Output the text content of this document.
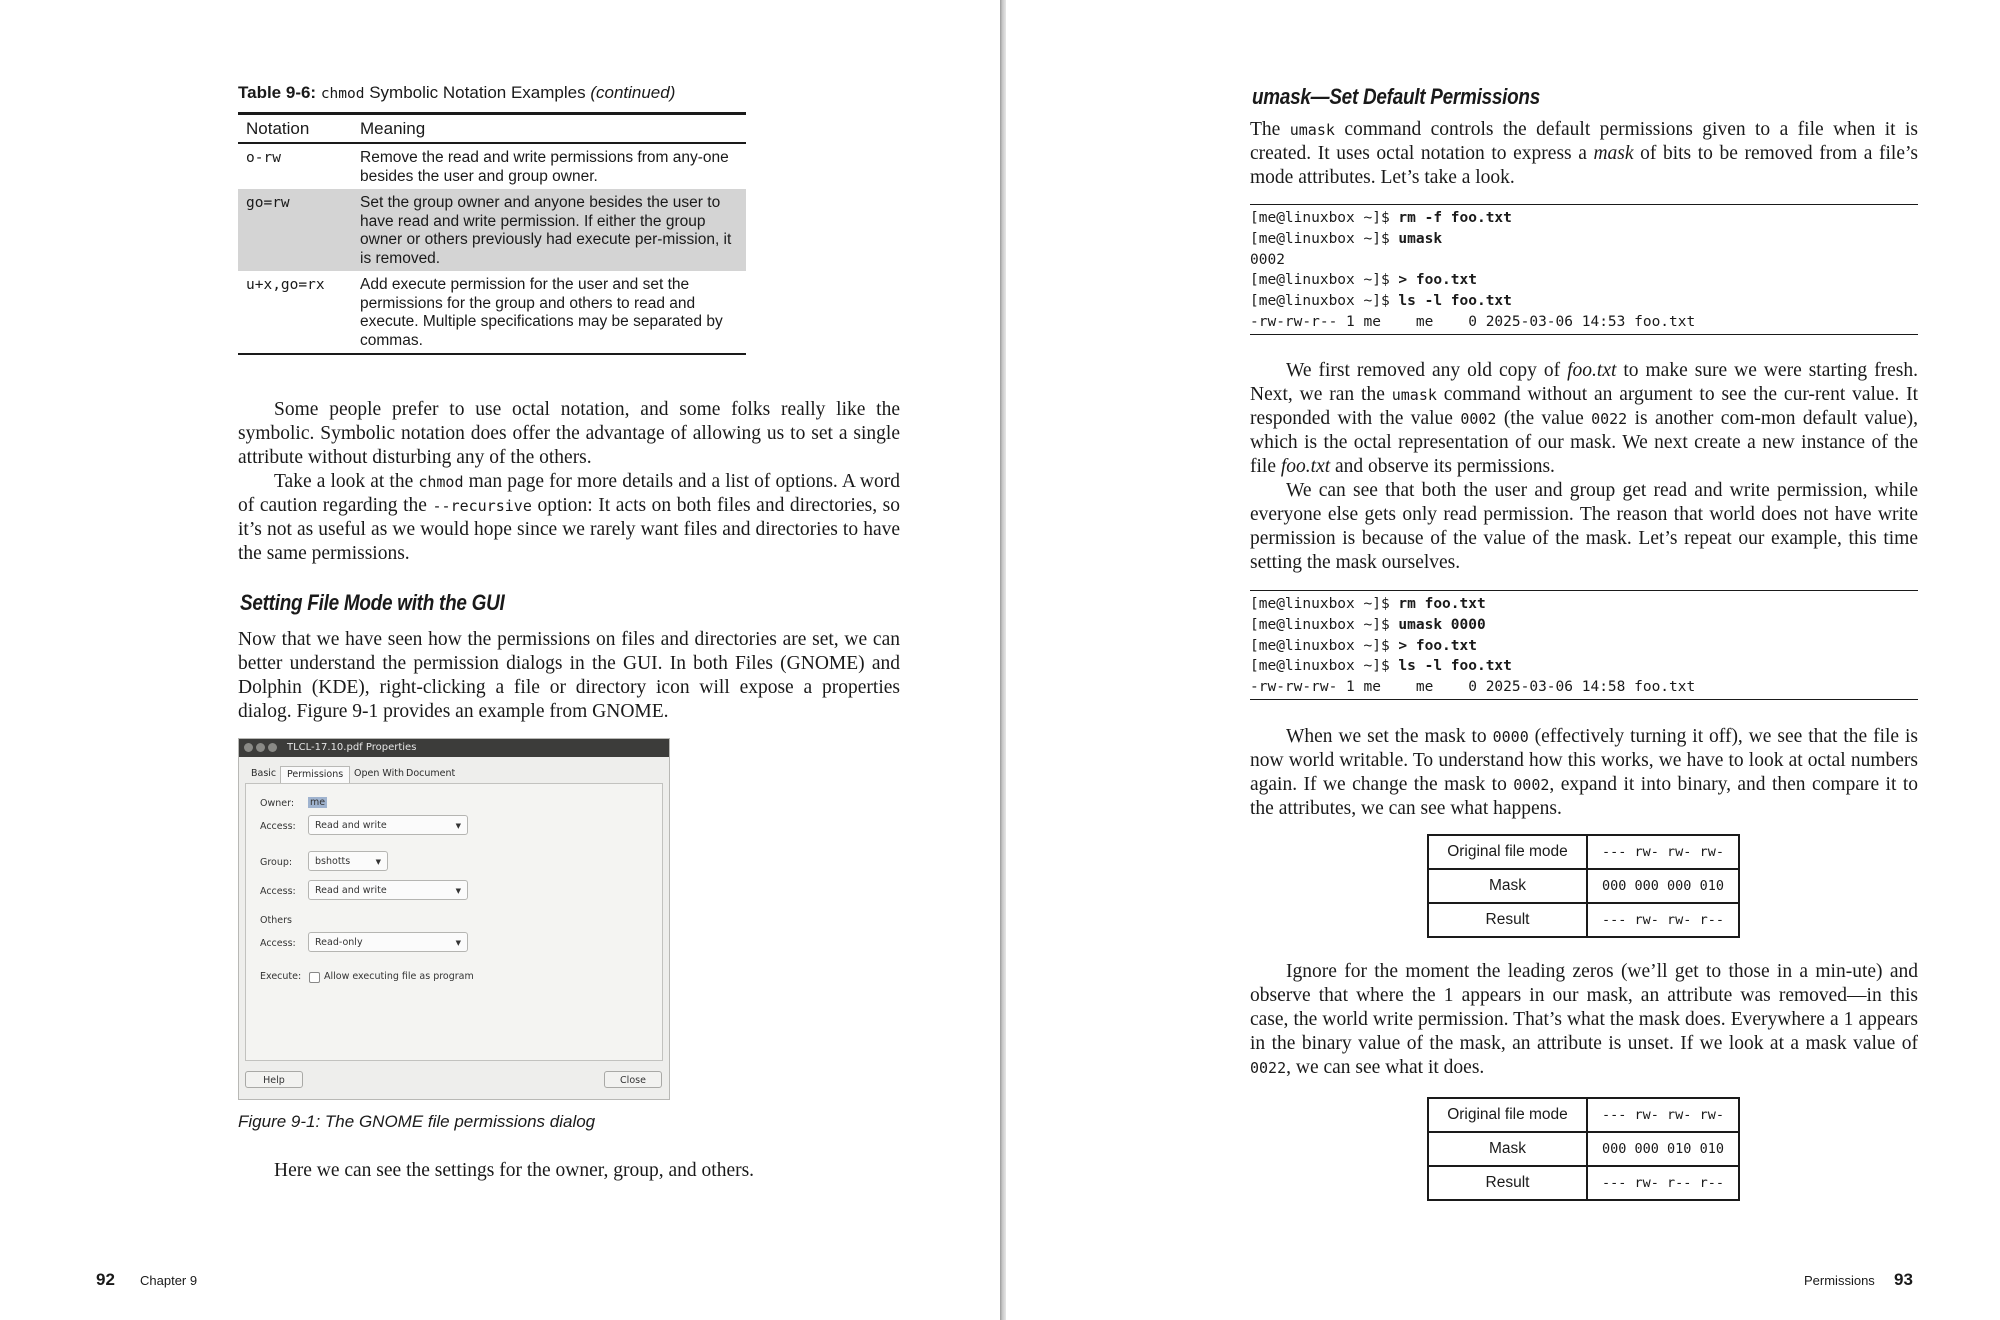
Table 9-6: chmod Symbolic Notation Examples (continued)
Notation	Meaning
o-rw	Remove the read and write permissions from any-one besides the user and group owner.
go=rw	Set the group owner and anyone besides the user to have read and write permission. If either the group owner or others previously had execute per-mission, it is removed.
u+x,go=rx	Add execute permission for the user and set the permissions for the group and others to read and execute. Multiple specifications may be separated by commas.

Some people prefer to use octal notation, and some folks really like the symbolic. Symbolic notation does offer the advantage of allowing us to set a single attribute without disturbing any of the others.

Take a look at the chmod man page for more details and a list of options. A word of caution regarding the --recursive option: It acts on both files and directories, so it’s not as useful as we would hope since we rarely want files and directories to have the same permissions.

Setting File Mode with the GUI

Now that we have seen how the permissions on files and directories are set, we can better understand the permission dialogs in the GUI. In both Files (GNOME) and Dolphin (KDE), right-clicking a file or directory icon will expose a properties dialog. Figure 9-1 provides an example from GNOME.

TLCL-17.10.pdf Properties
Basic	Permissions	Open With Document
Owner: me
Access:	Read and write	▼
Group:	bshotts	▼
Access:	Read and write	▼
Others
Access:	Read-only	▼
Execute: Allow executing file as program
Help	Close
Figure 9-1: The GNOME file permissions dialog

Here we can see the settings for the owner, group, and others.

92 Chapter 9
umask—Set Default Permissions

The umask command controls the default permissions given to a file when it is created. It uses octal notation to express a mask of bits to be removed from a file’s mode attributes. Let’s take a look.

[me@linuxbox ~]$ rm -f foo.txt
[me@linuxbox ~]$ umask
0002
[me@linuxbox ~]$ > foo.txt
[me@linuxbox ~]$ ls -l foo.txt
-rw-rw-r-- 1 me    me    0 2025-03-06 14:53 foo.txt

We first removed any old copy of foo.txt to make sure we were starting fresh. Next, we ran the umask command without an argument to see the cur-rent value. It responded with the value 0002 (the value 0022 is another com-mon default value), which is the octal representation of our mask. We next create a new instance of the file foo.txt and observe its permissions.

We can see that both the user and group get read and write permission, while everyone else gets only read permission. The reason that world does not have write permission is because of the value of the mask. Let’s repeat our example, this time setting the mask ourselves.

[me@linuxbox ~]$ rm foo.txt
[me@linuxbox ~]$ umask 0000
[me@linuxbox ~]$ > foo.txt
[me@linuxbox ~]$ ls -l foo.txt
-rw-rw-rw- 1 me    me    0 2025-03-06 14:58 foo.txt

When we set the mask to 0000 (effectively turning it off), we see that the file is now world writable. To understand how this works, we have to look at octal numbers again. If we change the mask to 0002, expand it into binary, and then compare it to the attributes, we can see what happens.

Original file mode	--- rw- rw- rw-
Mask	000 000 000 010
Result	--- rw- rw- r--

Ignore for the moment the leading zeros (we’ll get to those in a min-ute) and observe that where the 1 appears in our mask, an attribute was removed—in this case, the world write permission. That’s what the mask does. Everywhere a 1 appears in the binary value of the mask, an attribute is unset. If we look at a mask value of 0022, we can see what it does.

Original file mode	--- rw- rw- rw-
Mask	000 000 010 010
Result	--- rw- r-- r--
Permissions 93
